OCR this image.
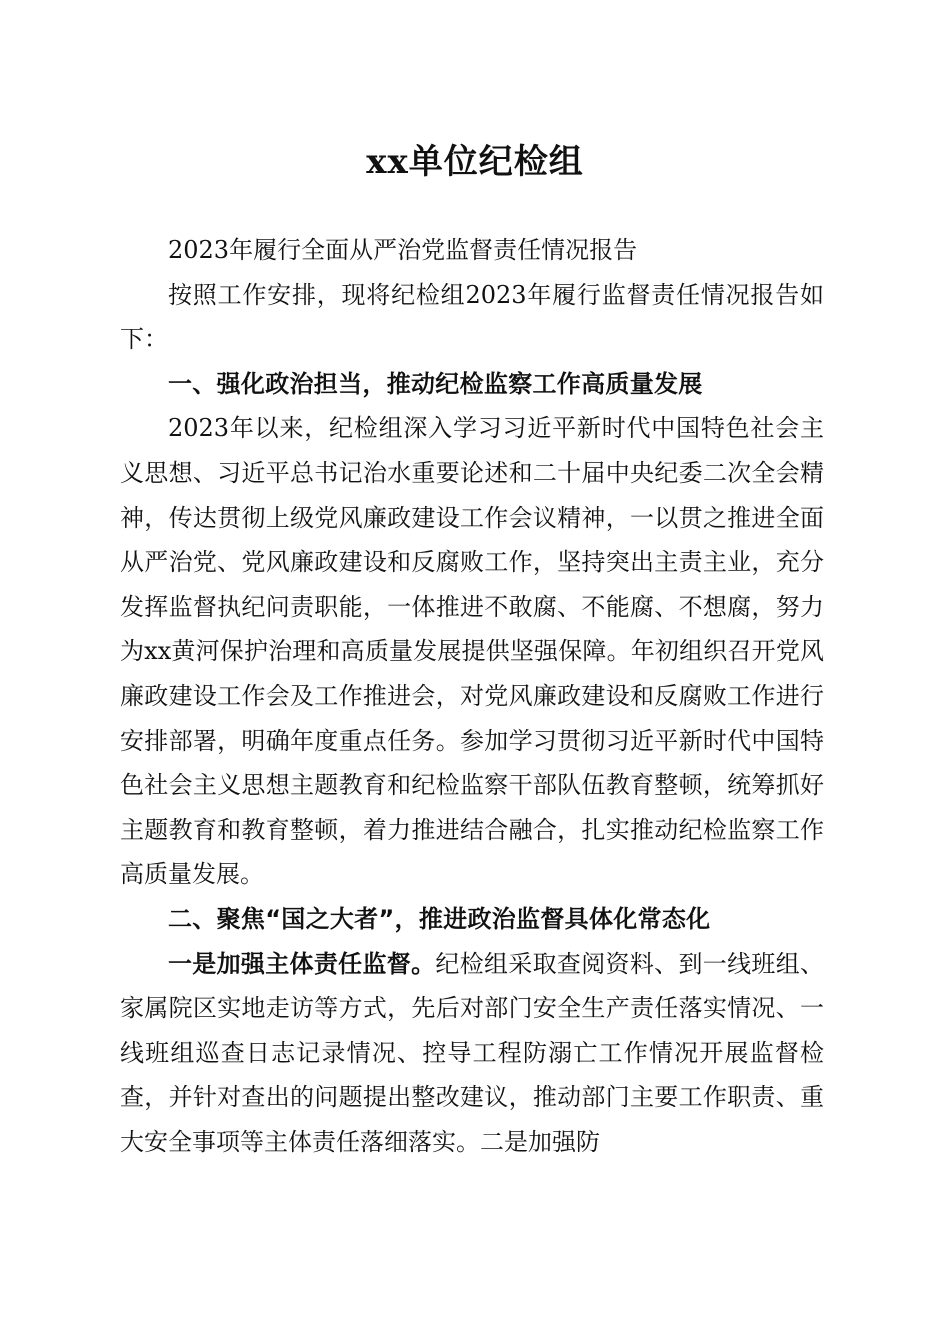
xx单位纪检组

2023年履行全面从严治党监督责任情况报告

按照工作安排，现将纪检组2023年履行监督责任情况报告如下：

一、强化政治担当，推动纪检监察工作高质量发展

2023年以来，纪检组深入学习习近平新时代中国特色社会主义思想、习近平总书记治水重要论述和二十届中央纪委二次全会精神，传达贯彻上级党风廉政建设工作会议精神，一以贯之推进全面从严治党、党风廉政建设和反腐败工作，坚持突出主责主业，充分发挥监督执纪问责职能，一体推进不敢腐、不能腐、不想腐，努力为xx黄河保护治理和高质量发展提供坚强保障。年初组织召开党风廉政建设工作会及工作推进会，对党风廉政建设和反腐败工作进行安排部署，明确年度重点任务。参加学习贯彻习近平新时代中国特色社会主义思想主题教育和纪检监察干部队伍教育整顿，统筹抓好主题教育和教育整顿，着力推进结合融合，扎实推动纪检监察工作高质量发展。

二、聚焦“国之大者”，推进政治监督具体化常态化

一是加强主体责任监督。纪检组采取查阅资料、到一线班组、家属院区实地走访等方式，先后对部门安全生产责任落实情况、一线班组巡查日志记录情况、控导工程防溺亡工作情况开展监督检查，并针对查出的问题提出整改建议，推动部门主要工作职责、重大安全事项等主体责任落细落实。二是加强防
